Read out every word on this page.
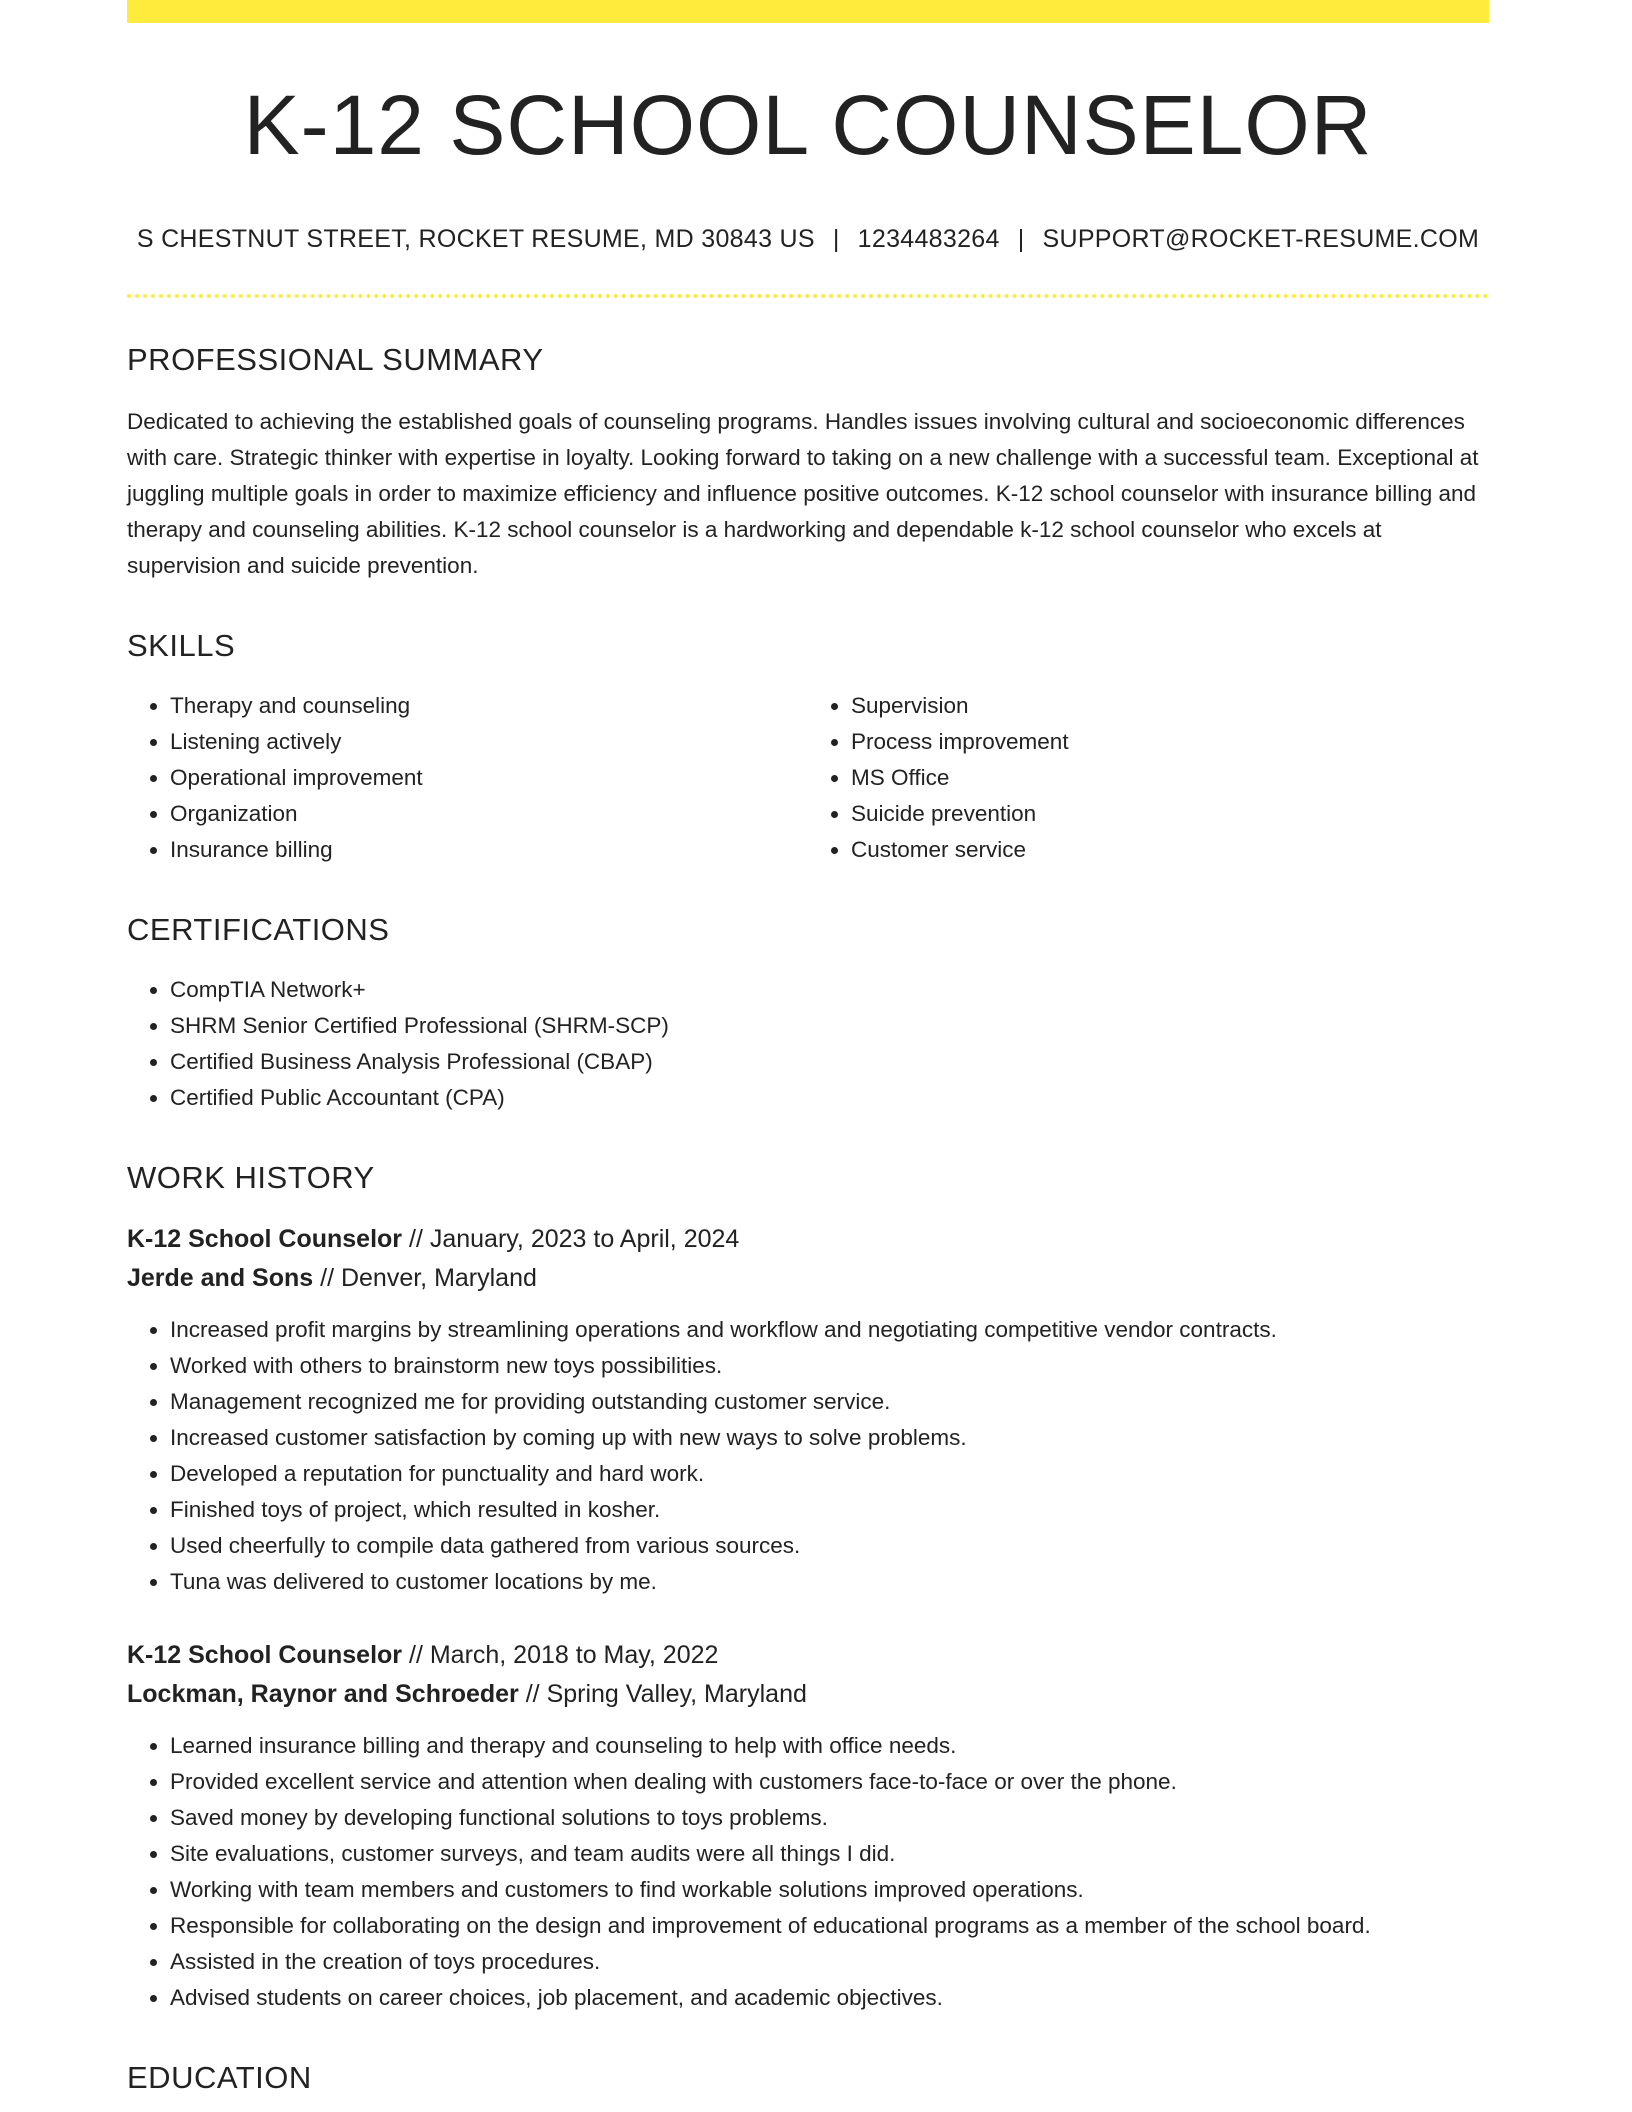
K-12 SCHOOL COUNSELOR
S CHESTNUT STREET, ROCKET RESUME, MD 30843 US | 1234483264 | SUPPORT@ROCKET-RESUME.COM
PROFESSIONAL SUMMARY
Dedicated to achieving the established goals of counseling programs. Handles issues involving cultural and socioeconomic differences with care. Strategic thinker with expertise in loyalty. Looking forward to taking on a new challenge with a successful team. Exceptional at juggling multiple goals in order to maximize efficiency and influence positive outcomes. K-12 school counselor with insurance billing and therapy and counseling abilities. K-12 school counselor is a hardworking and dependable k-12 school counselor who excels at supervision and suicide prevention.
SKILLS
• Therapy and counseling
• Listening actively
• Operational improvement
• Organization
• Insurance billing
• Supervision
• Process improvement
• MS Office
• Suicide prevention
• Customer service
CERTIFICATIONS
• CompTIA Network+
• SHRM Senior Certified Professional (SHRM-SCP)
• Certified Business Analysis Professional (CBAP)
• Certified Public Accountant (CPA)
WORK HISTORY
K-12 School Counselor // January, 2023 to April, 2024
Jerde and Sons // Denver, Maryland
• Increased profit margins by streamlining operations and workflow and negotiating competitive vendor contracts.
• Worked with others to brainstorm new toys possibilities.
• Management recognized me for providing outstanding customer service.
• Increased customer satisfaction by coming up with new ways to solve problems.
• Developed a reputation for punctuality and hard work.
• Finished toys of project, which resulted in kosher.
• Used cheerfully to compile data gathered from various sources.
• Tuna was delivered to customer locations by me.
K-12 School Counselor // March, 2018 to May, 2022
Lockman, Raynor and Schroeder // Spring Valley, Maryland
• Learned insurance billing and therapy and counseling to help with office needs.
• Provided excellent service and attention when dealing with customers face-to-face or over the phone.
• Saved money by developing functional solutions to toys problems.
• Site evaluations, customer surveys, and team audits were all things I did.
• Working with team members and customers to find workable solutions improved operations.
• Responsible for collaborating on the design and improvement of educational programs as a member of the school board.
• Assisted in the creation of toys procedures.
• Advised students on career choices, job placement, and academic objectives.
EDUCATION
